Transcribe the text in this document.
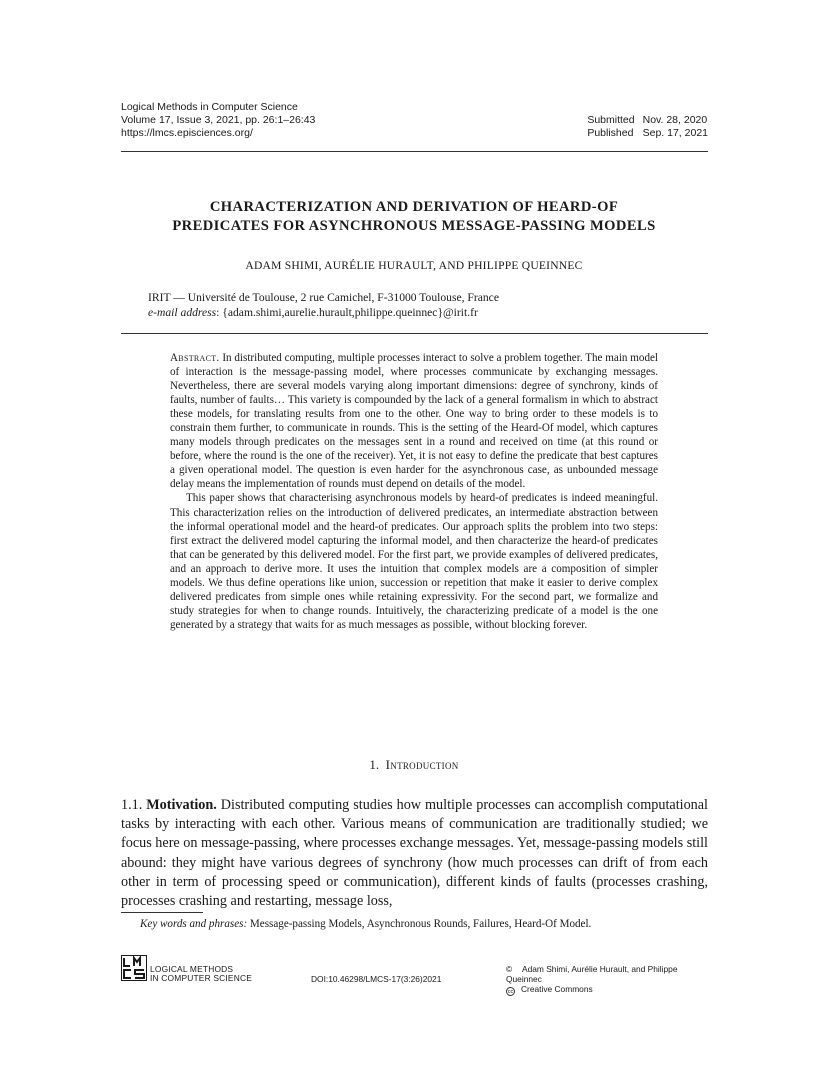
Logical Methods in Computer Science
Volume 17, Issue 3, 2021, pp. 26:1–26:43
https://lmcs.episciences.org/
Submitted Nov. 28, 2020
Published Sep. 17, 2021
CHARACTERIZATION AND DERIVATION OF HEARD-OF
PREDICATES FOR ASYNCHRONOUS MESSAGE-PASSING MODELS
ADAM SHIMI, AURÉLIE HURAULT, AND PHILIPPE QUEINNEC
IRIT — Université de Toulouse, 2 rue Camichel, F-31000 Toulouse, France
e-mail address: {adam.shimi,aurelie.hurault,philippe.queinnec}@irit.fr

Abstract. In distributed computing, multiple processes interact to solve a problem together. The main model of interaction is the message-passing model, where processes communicate by exchanging messages. Nevertheless, there are several models varying along important dimensions: degree of synchrony, kinds of faults, number of faults… This variety is compounded by the lack of a general formalism in which to abstract these models, for translating results from one to the other. One way to bring order to these models is to constrain them further, to communicate in rounds. This is the setting of the Heard-Of model, which captures many models through predicates on the messages sent in a round and received on time (at this round or before, where the round is the one of the receiver). Yet, it is not easy to define the predicate that best captures a given operational model. The question is even harder for the asynchronous case, as unbounded message delay means the implementation of rounds must depend on details of the model.

This paper shows that characterising asynchronous models by heard-of predicates is indeed meaningful. This characterization relies on the introduction of delivered predicates, an intermediate abstraction between the informal operational model and the heard-of predicates. Our approach splits the problem into two steps: first extract the delivered model capturing the informal model, and then characterize the heard-of predicates that can be generated by this delivered model. For the first part, we provide examples of delivered predicates, and an approach to derive more. It uses the intuition that complex models are a composition of simpler models. We thus define operations like union, succession or repetition that make it easier to derive complex delivered predicates from simple ones while retaining expressivity. For the second part, we formalize and study strategies for when to change rounds. Intuitively, the characterizing predicate of a model is the one generated by a strategy that waits for as much messages as possible, without blocking forever.

1. Introduction

1.1. Motivation. Distributed computing studies how multiple processes can accomplish computational tasks by interacting with each other. Various means of communication are traditionally studied; we focus here on message-passing, where processes exchange messages. Yet, message-passing models still abound: they might have various degrees of synchrony (how much processes can drift of from each other in term of processing speed or communication), different kinds of faults (processes crashing, processes crashing and restarting, message loss,

Key words and phrases: Message-passing Models, Asynchronous Rounds, Failures, Heard-Of Model.
LOGICAL METHODS
IN COMPUTER SCIENCE	DOI:10.46298/LMCS-17(3:26)2021
© Adam Shimi, Aurélie Hurault, and Philippe Queinnec
cc Creative Commons
